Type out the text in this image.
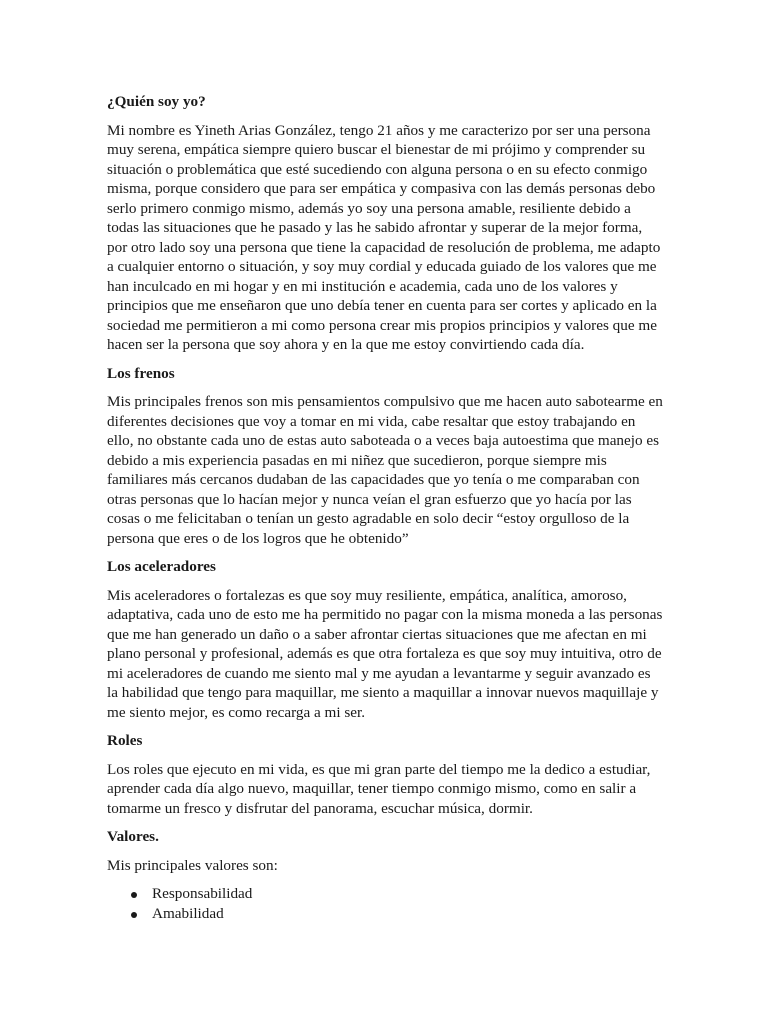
¿Quién soy yo?

Mi nombre es Yineth Arias González, tengo 21 años y me caracterizo por ser una persona muy serena, empática siempre quiero buscar el bienestar de mi prójimo y comprender su situación o problemática que esté sucediendo con alguna persona o en su efecto conmigo misma, porque considero que para ser empática y compasiva con las demás personas debo serlo primero conmigo mismo, además yo soy una persona amable, resiliente debido a todas las situaciones que he pasado y las he sabido afrontar y superar de la mejor forma, por otro lado soy una persona que tiene la capacidad de resolución de problema, me adapto a cualquier entorno o situación, y soy muy cordial y educada guiado de los valores que me han inculcado en mi hogar y en mi institución e academia, cada uno de los valores y principios que me enseñaron que uno debía tener en cuenta para ser cortes y aplicado en la sociedad me permitieron a mi como persona crear mis propios principios y valores que me hacen ser la persona que soy ahora y en la que me estoy convirtiendo cada día.

Los frenos

Mis principales frenos son mis pensamientos compulsivo que me hacen auto sabotearme en diferentes decisiones que voy a tomar en mi vida, cabe resaltar que estoy trabajando en ello, no obstante cada uno de estas auto saboteada o a veces baja autoestima que manejo es debido a mis experiencia pasadas en mi niñez que sucedieron, porque siempre mis familiares más cercanos dudaban de las capacidades que yo tenía o me comparaban con otras personas que lo hacían mejor y nunca veían el gran esfuerzo que yo hacía por las cosas o me felicitaban o tenían un gesto agradable en solo decir “estoy orgulloso de la persona que eres o de los logros que he obtenido”

Los aceleradores

Mis aceleradores o fortalezas es que soy muy resiliente, empática, analítica, amoroso, adaptativa, cada uno de esto me ha permitido no pagar con la misma moneda a las personas que me han generado un daño o a saber afrontar ciertas situaciones que me afectan en mi plano personal y profesional, además es que otra fortaleza es que soy muy intuitiva, otro de mi aceleradores de cuando me siento mal y me ayudan a levantarme y seguir avanzado es la habilidad que tengo para maquillar, me siento a maquillar a innovar nuevos maquillaje y me siento mejor, es como recarga a mi ser.

Roles

Los roles que ejecuto en mi vida, es que mi gran parte del tiempo me la dedico a estudiar, aprender cada día algo nuevo, maquillar, tener tiempo conmigo mismo, como en salir a tomarme un fresco y disfrutar del panorama, escuchar música, dormir.

Valores.

Mis principales valores son:

Responsabilidad
Amabilidad
